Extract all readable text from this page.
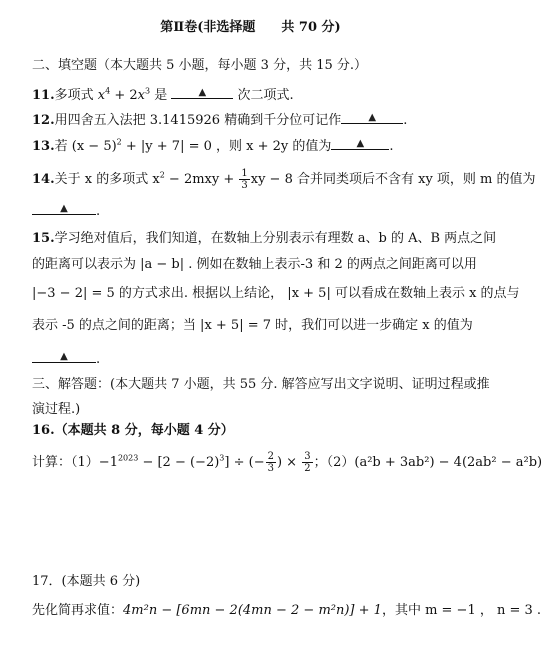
第Ⅱ卷(非选择题　　共 70 分)
二、填空题（本大题共 5 小题，每小题 3 分，共 15 分.）
11.多项式 $x^4 + 2x^3$ 是	▲ 次二项式.
12.用四舍五入法把 3.1415926 精确到千分位可记作	▲ .
13.若 $(x - 5)^2 + |y + 7| = 0$ ，则 x + 2y 的值为	▲ .
14.关于 x 的多项式 $x^2 - 2mxy + \frac{1}{3}$ xy − 8 合并同类项后不含有 xy 项，则 m 的值为
▲ .
15.学习绝对值后，我们知道，在数轴上分别表示有理数 a、b 的 A、B 两点之间
的距离可以表示为 |a − b| . 例如在数轴上表示-3 和 2 的两点之间距离可以用
|−3 − 2| = 5 的方式求出. 根据以上结论， |x + 5| 可以看成在数轴上表示 x 的点与
表示 -5 的点之间的距离；当 |x + 5| = 7 时，我们可以进一步确定 x 的值为
▲ .
三、解答题：(本大题共 7 小题，共 55 分. 解答应写出文字说明、证明过程或推
演过程.)
16.（本题共 8 分，每小题 4 分）
计算：$(1)-1^{2023} - [2 - (-2)^3]$ ÷ (− $\frac{2}{3}$ ) × $\frac{3}{2}$ ；（2）(a²b + 3ab²) − 4(2ab² − a²b)
17．(本题共 6 分)
先化简再求值：4m²n − [6mn − 2(4mn − 2 − m²n)] + 1，其中 m = −1 ， n = 3 .
